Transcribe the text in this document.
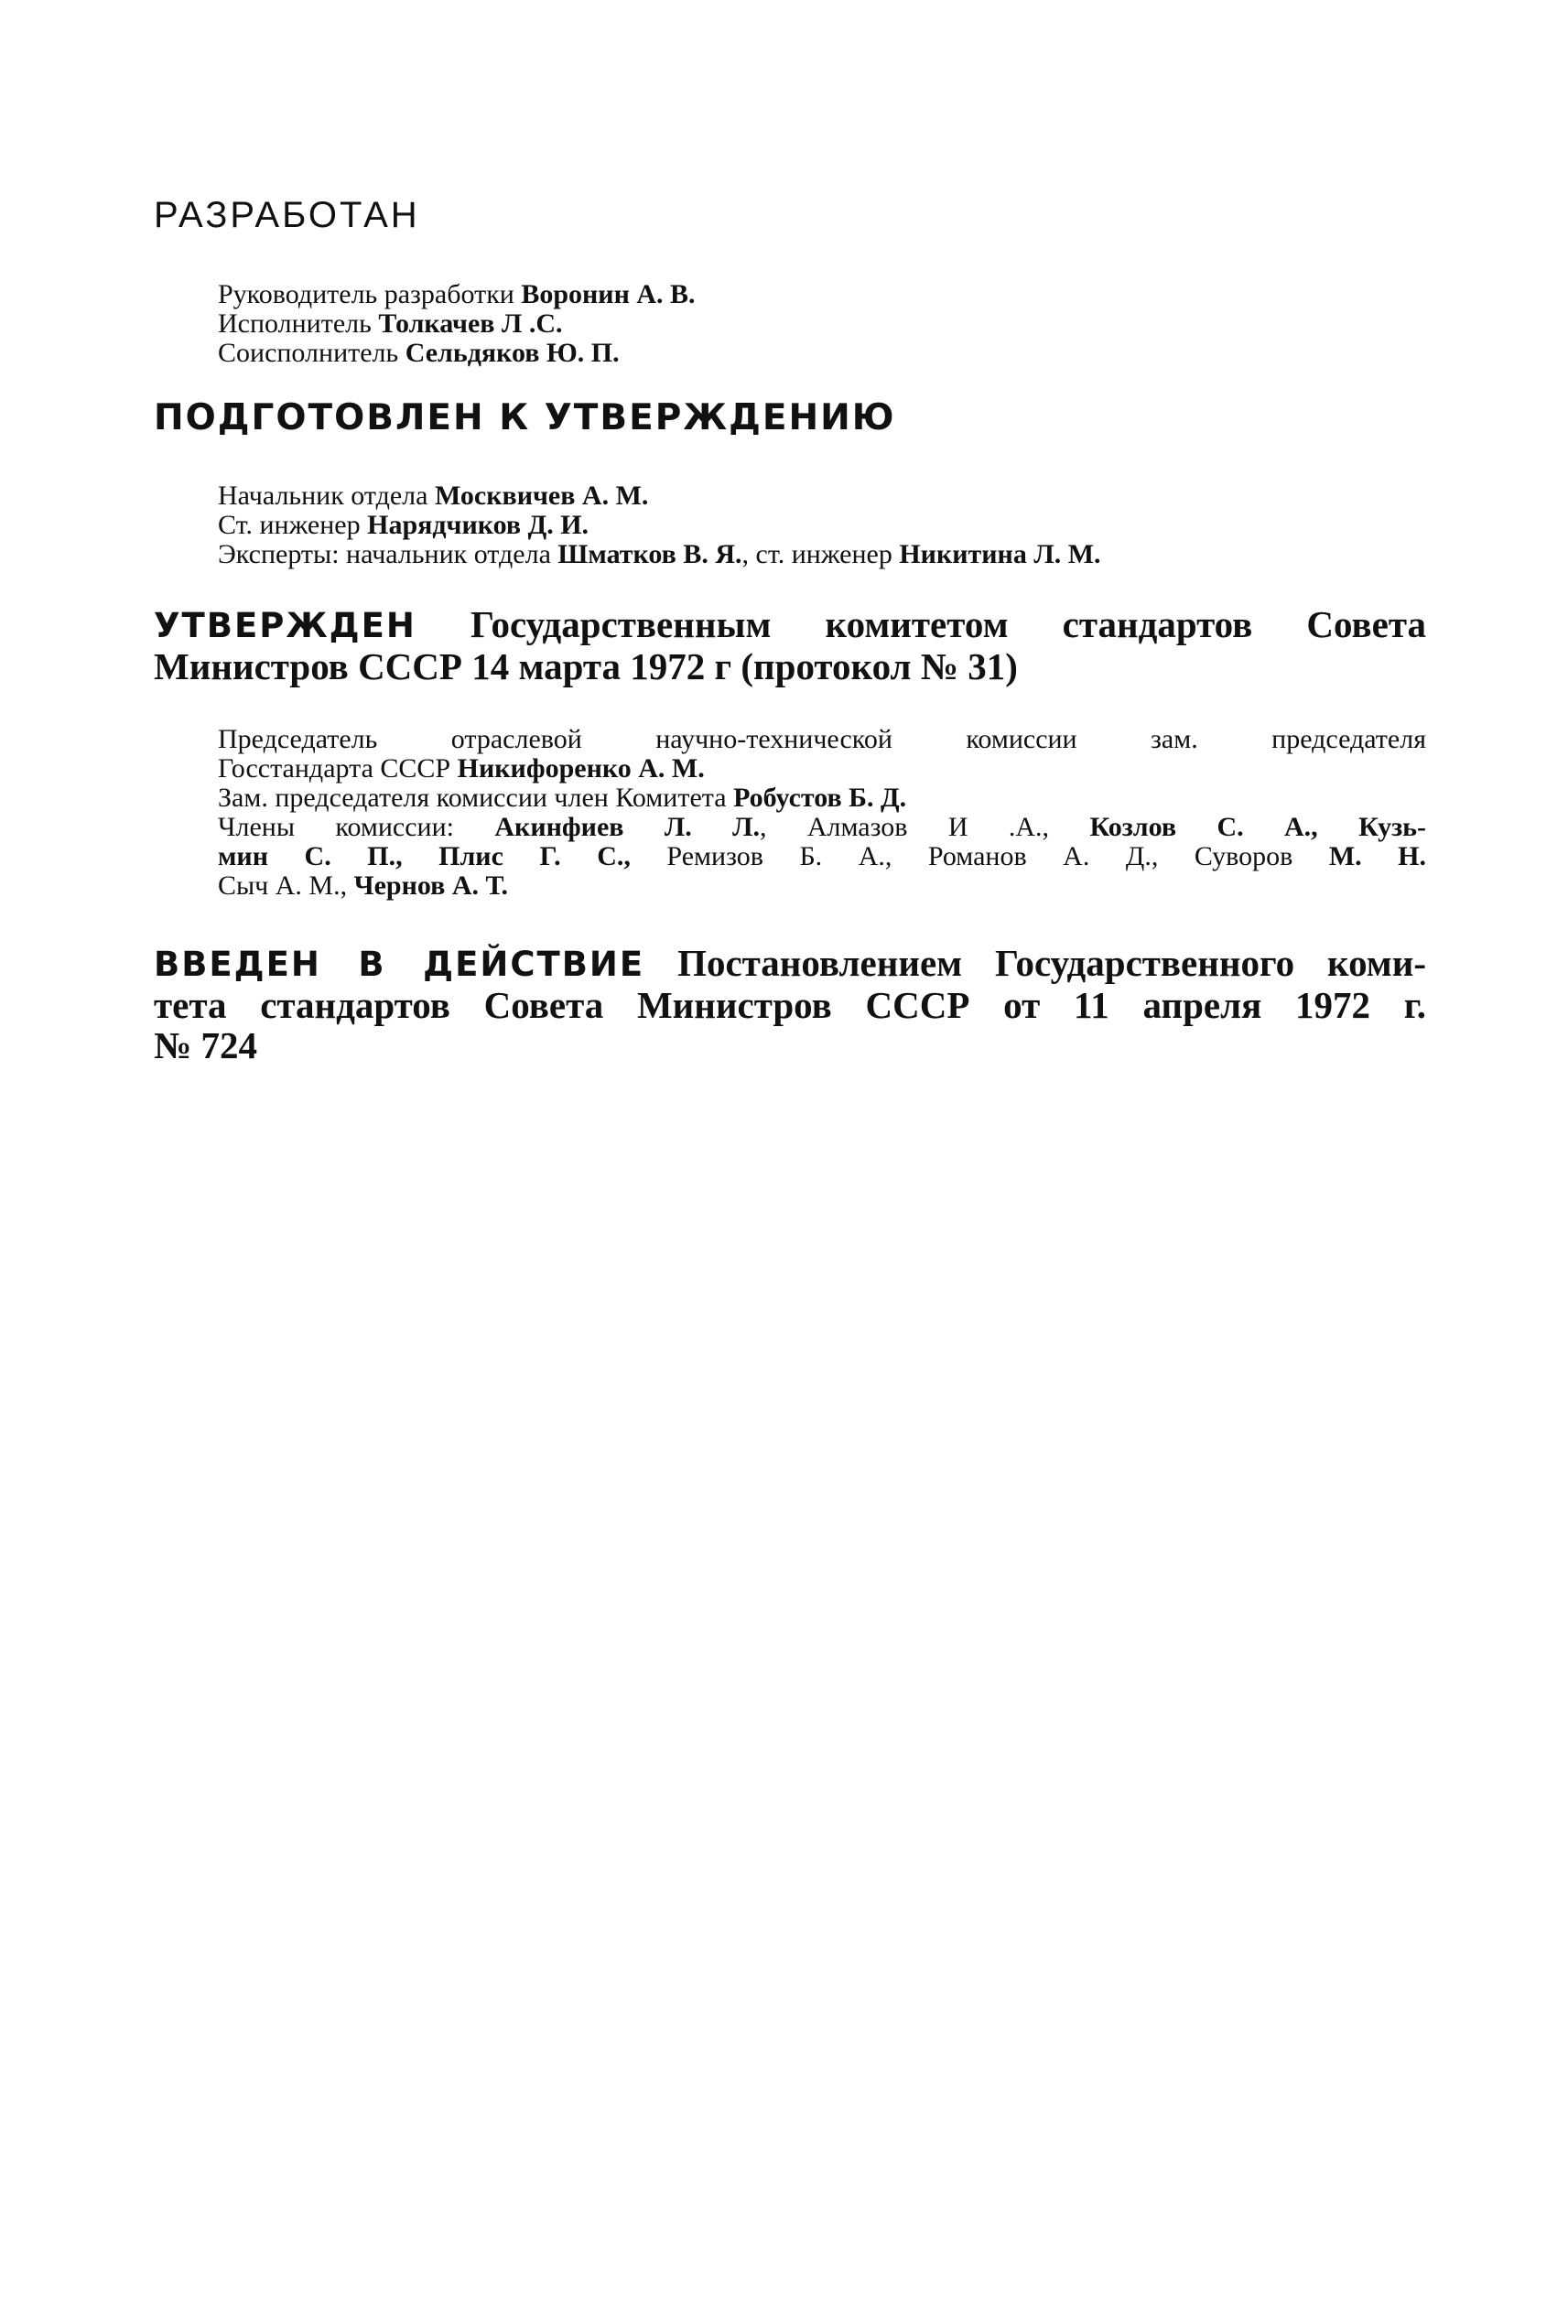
РАЗРАБОТАН
Руководитель разработки Воронин А. В.
Исполнитель Толкачев Л .С.
Соисполнитель Сельдяков Ю. П.
ПОДГОТОВЛЕН К УТВЕРЖДЕНИЮ
Начальник отдела Москвичев А. М.
Ст. инженер Нарядчиков Д. И.
Эксперты: начальник отдела Шматков В. Я., ст. инженер Никитина Л. М.
УТВЕРЖДЕН Государственным комитетом стандартов Совета
Министров СССР 14 марта 1972 г (протокол № 31)
Председатель отраслевой научно-технической комиссии зам. председателя
Госстандарта СССР Никифоренко А. М.
Зам. председателя комиссии член Комитета Робустов Б. Д.
Члены комиссии: Акинфиев Л. Л., Алмазов И .А., Козлов С. А., Кузь-
мин С. П., Плис Г. С., Ремизов Б. А., Романов А. Д., Суворов М. Н.
Сыч А. М., Чернов А. Т.
ВВЕДЕН В ДЕЙСТВИЕ Постановлением Государственного коми-
тета стандартов Совета Министров СССР от 11 апреля 1972 г.
№ 724
